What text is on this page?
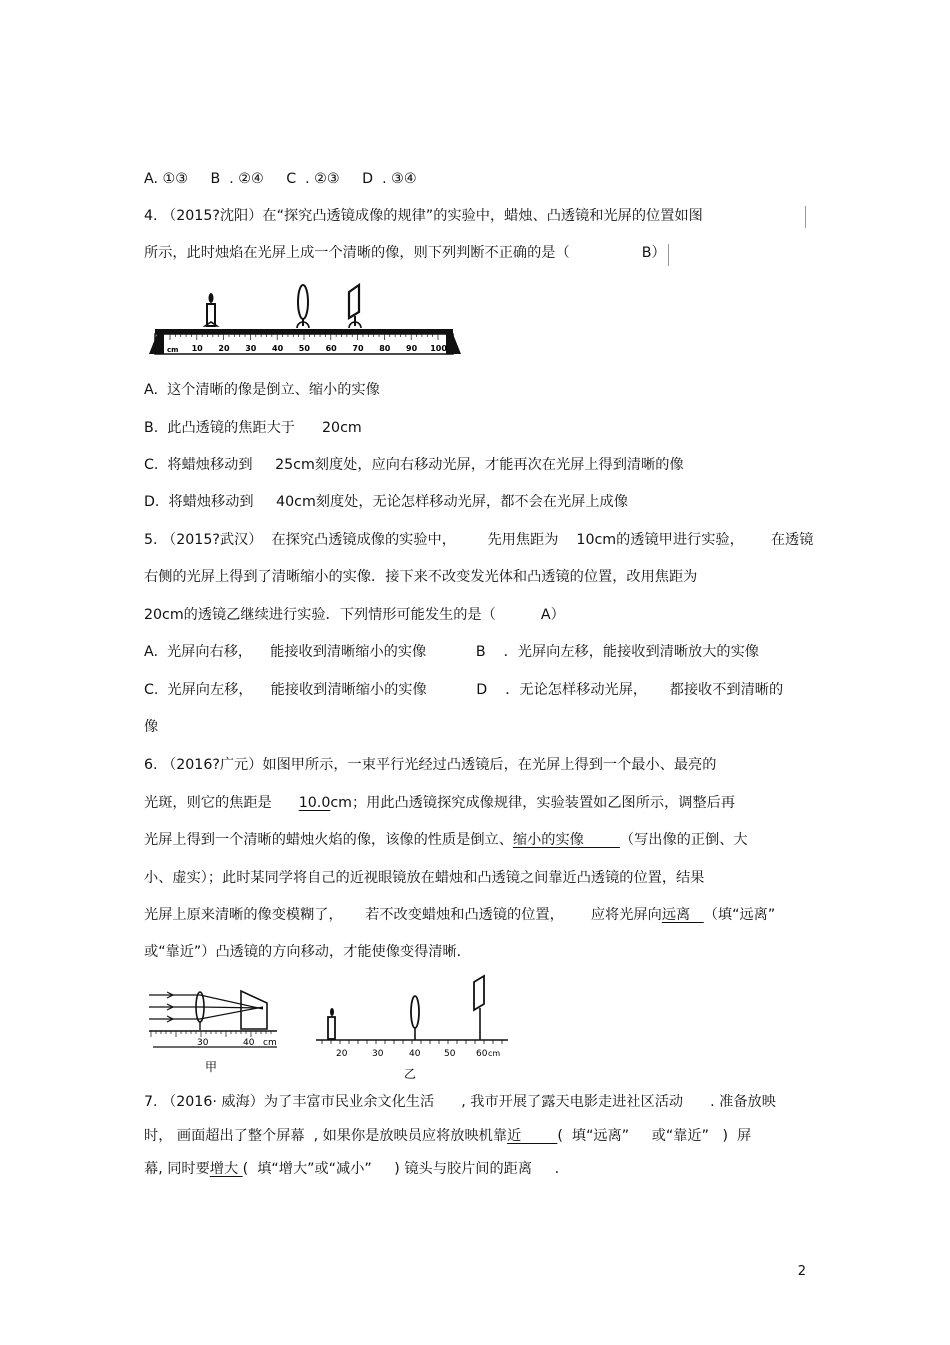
A. ①③     B  . ②④     C  . ②③     D  . ③④
4. （2015?沈阳）在“探究凸透镜成像的规律”的实验中，蜡烛、凸透镜和光屏的位置如图
所示，此时烛焰在光屏上成一个清晰的像，则下列判断不正确的是（                B）
10 20 30 40 50 60 70 80 90 100
cm
A.  这个清晰的像是倒立、缩小的实像
B.  此凸透镜的焦距大于      20cm
C.  将蜡烛移动到     25cm刻度处，应向右移动光屏，才能再次在光屏上得到清晰的像
D.  将蜡烛移动到     40cm刻度处，无论怎样移动光屏，都不会在光屏上成像
5. （2015?武汉）  在探究凸透镜成像的实验中，       先用焦距为    10cm的透镜甲进行实验，      在透镜
右侧的光屏上得到了清晰缩小的实像．接下来不改变发光体和凸透镜的位置，改用焦距为
20cm的透镜乙继续进行实验．下列情形可能发生的是（          A）
A.  光屏向右移，    能接收到清晰缩小的实像           B    ．光屏向左移，能接收到清晰放大的实像
C.  光屏向左移，    能接收到清晰缩小的实像           D    ．无论怎样移动光屏，     都接收不到清晰的
像
6. （2016?广元）如图甲所示，一束平行光经过凸透镜后，在光屏上得到一个最小、最亮的
光斑，则它的焦距是      10.0cm；用此凸透镜探究成像规律，实验装置如乙图所示，调整后再
光屏上得到一个清晰的蜡烛火焰的像，该像的性质是倒立、缩小的实像        （写出像的正倒、大
小、虚实）；此时某同学将自己的近视眼镜放在蜡烛和凸透镜之间靠近凸透镜的位置，结果
光屏上原来清晰的像变模糊了，     若不改变蜡烛和凸透镜的位置，      应将光屏向远离   （填“远离”
或“靠近”）凸透镜的方向移动，才能使像变得清晰．
30	40 cm
甲
20	30	40	50 60 cm
乙
7. （2016· 威海）为了丰富市民业余文化生活      , 我市开展了露天电影走进社区活动      . 准备放映
时， 画面超出了整个屏幕  , 如果你是放映员应将放映机靠近        (  填“远离”     或“靠近”   )  屏
幕, 同时要增大 (  填“增大”或“减小”     ) 镜头与胶片间的距离     .
2
